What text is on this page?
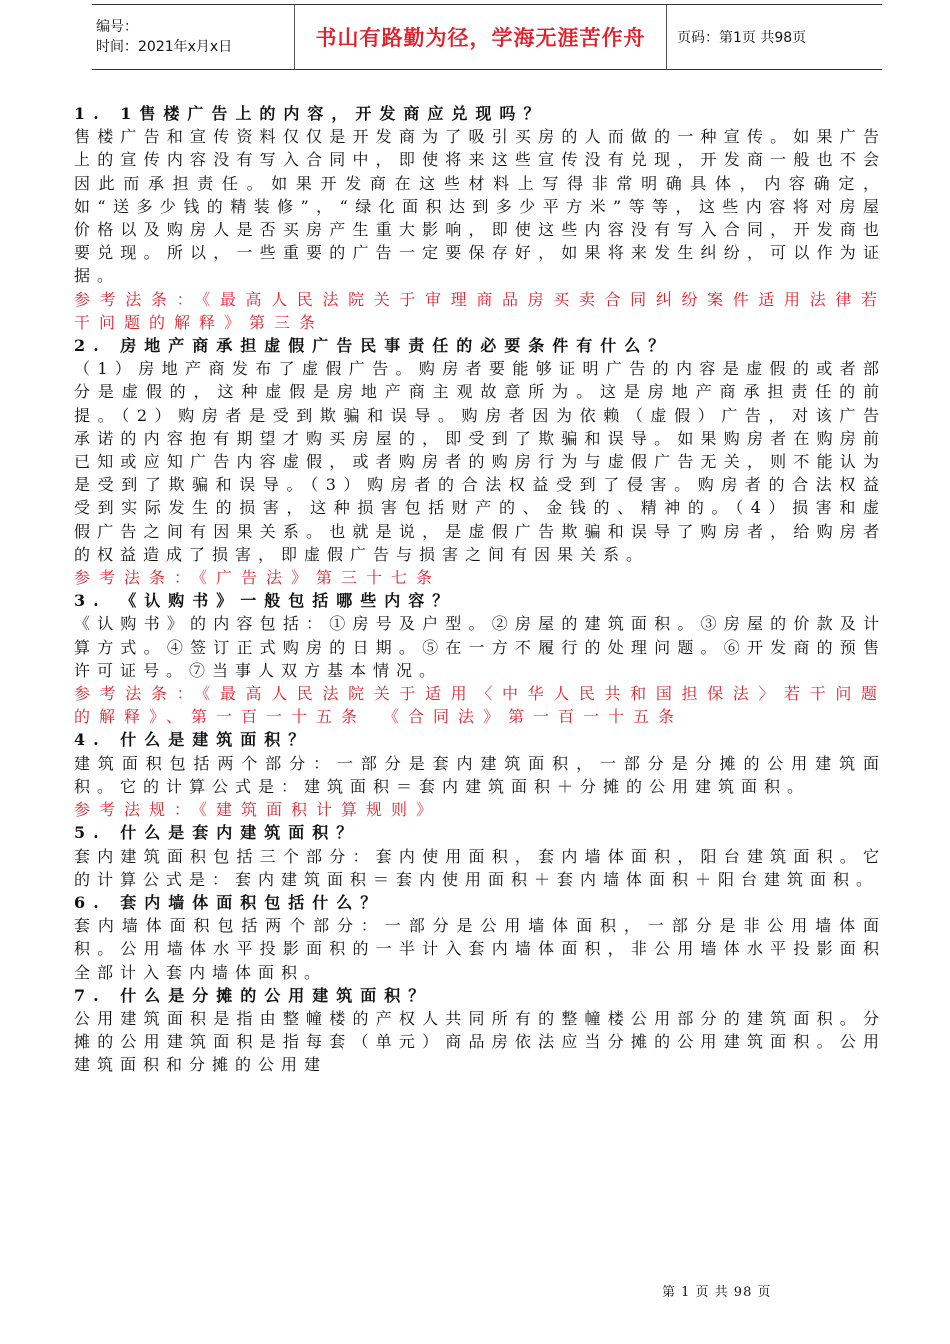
编号：
时间：2021年x月x日	书山有路勤为径，学海无涯苦作舟	页码：第1页 共98页

1. 1售楼广告上的内容，开发商应兑现吗？

售楼广告和宣传资料仅仅是开发商为了吸引买房的人而做的一种宣传。如果广告上的宣传内容没有写入合同中，即使将来这些宣传没有兑现，开发商一般也不会因此而承担责任。如果开发商在这些材料上写得非常明确具体，内容确定，如“送多少钱的精装修”，“绿化面积达到多少平方米”等等，这些内容将对房屋价格以及购房人是否买房产生重大影响，即使这些内容没有写入合同，开发商也要兑现。所以，一些重要的广告一定要保存好，如果将来发生纠纷，可以作为证据。

参考法条：《最高人民法院关于审理商品房买卖合同纠纷案件适用法律若干问题的解释》第三条

2. 房地产商承担虚假广告民事责任的必要条件有什么？

（1）房地产商发布了虚假广告。购房者要能够证明广告的内容是虚假的或者部分是虚假的，这种虚假是房地产商主观故意所为。这是房地产商承担责任的前提。（2）购房者是受到欺骗和误导。购房者因为依赖（虚假）广告，对该广告承诺的内容抱有期望才购买房屋的，即受到了欺骗和误导。如果购房者在购房前已知或应知广告内容虚假，或者购房者的购房行为与虚假广告无关，则不能认为是受到了欺骗和误导。（3）购房者的合法权益受到了侵害。购房者的合法权益受到实际发生的损害，这种损害包括财产的、金钱的、精神的。（4）损害和虚假广告之间有因果关系。也就是说，是虚假广告欺骗和误导了购房者，给购房者的权益造成了损害，即虚假广告与损害之间有因果关系。

参考法条：《广告法》第三十七条

3. 《认购书》一般包括哪些内容？

《认购书》的内容包括：①房号及户型。②房屋的建筑面积。③房屋的价款及计算方式。④签订正式购房的日期。⑤在一方不履行的处理问题。⑥开发商的预售许可证号。⑦当事人双方基本情况。

参考法条：《最高人民法院关于适用〈中华人民共和国担保法〉若干问题的解释》、第一百一十五条　《合同法》第一百一十五条

4. 什么是建筑面积？

建筑面积包括两个部分：一部分是套内建筑面积，一部分是分摊的公用建筑面积。它的计算公式是：建筑面积＝套内建筑面积＋分摊的公用建筑面积。

参考法规：《建筑面积计算规则》

5. 什么是套内建筑面积？

套内建筑面积包括三个部分：套内使用面积，套内墙体面积，阳台建筑面积。它的计算公式是：套内建筑面积＝套内使用面积＋套内墙体面积＋阳台建筑面积。

6. 套内墙体面积包括什么？

套内墙体面积包括两个部分：一部分是公用墙体面积，一部分是非公用墙体面积。公用墙体水平投影面积的一半计入套内墙体面积，非公用墙体水平投影面积全部计入套内墙体面积。

7. 什么是分摊的公用建筑面积？

公用建筑面积是指由整幢楼的产权人共同所有的整幢楼公用部分的建筑面积。分摊的公用建筑面积是指每套（单元）商品房依法应当分摊的公用建筑面积。公用建筑面积和分摊的公用建

第 1 页 共 98 页
